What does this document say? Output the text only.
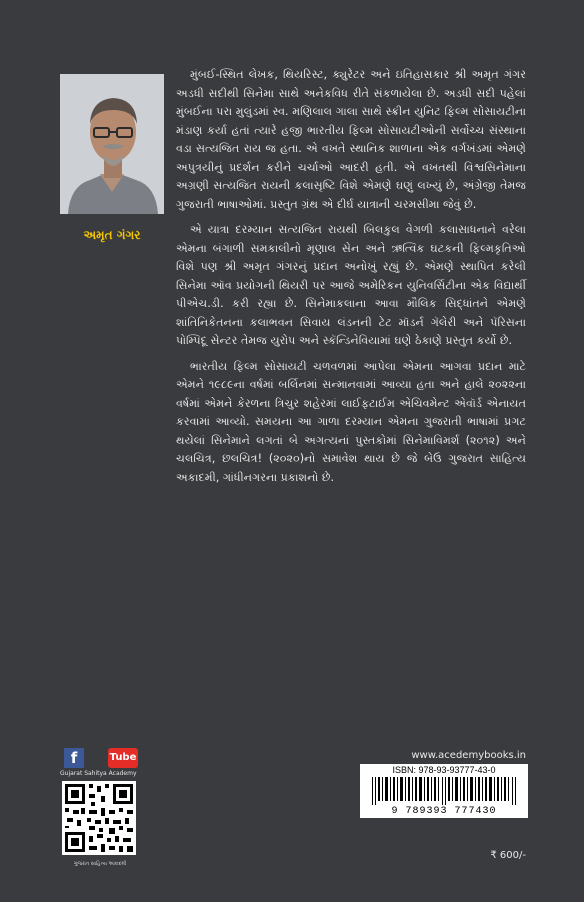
અમૃત ગંગર

મુંબઈ-સ્થિત લેખક, થિયરિસ્ટ, ક્યુરેટર અને ઇતિહાસકાર શ્રી અમૃત ગંગર અડધી સદીથી સિનેમા સાથે અનેકવિધ રીતે સંકળાયેલા છે. અડધી સદી પહેલાં મુંબઈના પરા મુલુંડમાં સ્વ. મણિલાલ ગાલા સાથે સ્ક્રીન યુનિટ ફિલ્મ સોસાયટીના મંડાણ કર્યા હતાં ત્યારે હજી ભારતીય ફિલ્મ સોસાયટીઓની સર્વોચ્ચ સંસ્થાના વડા સત્યજિત રાય જ હતા. એ વખતે સ્થાનિક શાળાના એક વર્ગખંડમાં એમણે અપુત્રયીનું પ્રદર્શન કરીને ચર્ચાઓ આદરી હતી. એ વખતથી વિશ્વસિનેમાના અગ્રણી સત્યજિત રાયની કલાસૃષ્ટિ વિશે એમણે ઘણું લખ્યું છે, અંગ્રેજી તેમજ ગુજરાતી ભાષાઓમાં. પ્રસ્તુત ગ્રંથ એ દીર્ઘ યાત્રાની ચરમસીમા જેવું છે.

એ યાત્રા દરમ્યાન સત્યજિત રાયથી બિલકુલ વેગળી કલાસાધનાને વરેલા એમના બંગાળી સમકાલીનો મૃણાલ સેન અને ઋત્વિક ઘટકની ફિલ્મકૃતિઓ વિશે પણ શ્રી અમૃત ગંગરનું પ્રદાન અનોખું રહ્યું છે. એમણે સ્થાપિત કરેલી સિનેમા ઑવ પ્રયોગની થિયરી પર આજે અમેરિકન યુનિવર્સિટીના એક વિદ્યાર્થી પીએચ.ડી. કરી રહ્યા છે. સિનેમાકલાના આવા મૌલિક સિદ્ધાંતને એમણે શાંતિનિકેતનના કલાભવન સિવાય લંડનની ટેટ મૉડર્ન ગૅલેરી અને પૅરિસના પોમ્પિદૂ સેન્ટર તેમજ યુરોપ અને સ્કૅન્ડિનેવિયામાં ઘણે ઠેકાણે પ્રસ્તુત કર્યો છે.

ભારતીય ફિલ્મ સોસાયટી ચળવળમાં આપેલા એમના આગવા પ્રદાન માટે એમને ૧૯૮૯ના વર્ષમાં બર્લિનમાં સન્માનવામાં આવ્યા હતા અને હાલે ૨૦૨૨ના વર્ષમાં એમને કેરળના ત્રિચુર શહેરમાં લાઈફટાઈમ એચિવમેન્ટ એવૉર્ડ એનાયત કરવામાં આવ્યો. સમયના આ ગાળા દરમ્યાન એમના ગુજરાતી ભાષામાં પ્રગટ થયેલાં સિનેમાને લગતાં બે અગત્યનાં પુસ્તકોમાં સિનેમાવિમર્શ (૨૦૧૨) અને ચલચિત્ર, છલચિત્ર! (૨૦૨૦)નો સમાવેશ થાય છે જે બેઉ ગુજરાત સાહિત્ય અકાદમી, ગાંધીનગરના પ્રકાશનો છે.

f	Tube
Gujarat Sahitya Academy
ગુજરાત સાહિત્ય અકાદમી
www.acedemybooks.in
ISBN: 978-93-93777-43-0
9 789393 777430
₹ 600/-
